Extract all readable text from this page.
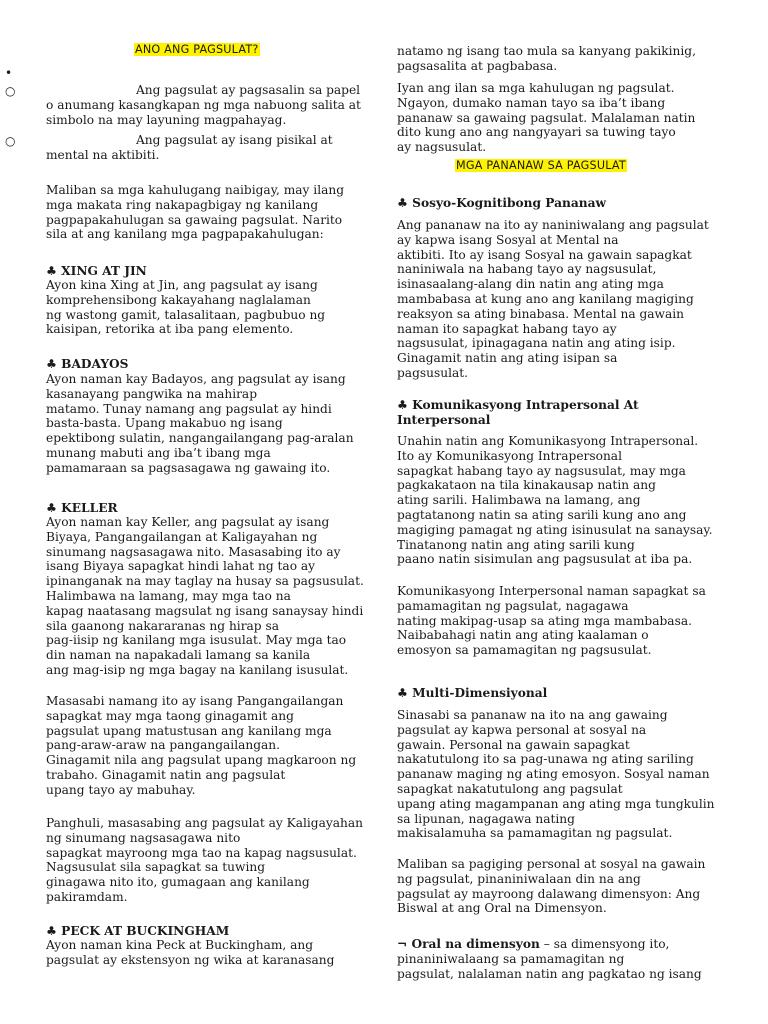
ANO ANG PAGSULAT?
•
○	Ang pagsulat ay pagsasalin sa papel
o anumang kasangkapan ng mga nabuong salita at
simbolo na may layuning magpahayag.

○	Ang pagsulat ay isang pisikal at
mental na aktibiti.

Maliban sa mga kahulugang naibigay, may ilang
mga makata ring nakapagbigay ng kanilang
pagpapakahulugan sa gawaing pagsulat. Narito
sila at ang kanilang mga pagpapakahulugan:

♣ XING AT JIN

Ayon kina Xing at Jin, ang pagsulat ay isang
komprehensibong kakayahang naglalaman
ng wastong gamit, talasalitaan, pagbubuo ng
kaisipan, retorika at iba pang elemento.

♣ BADAYOS

Ayon naman kay Badayos, ang pagsulat ay isang
kasanayang pangwika na mahirap
matamo. Tunay namang ang pagsulat ay hindi
basta-basta. Upang makabuo ng isang
epektibong sulatin, nangangailangang pag-aralan
munang mabuti ang iba’t ibang mga
pamamaraan sa pagsasagawa ng gawaing ito.

♣ KELLER

Ayon naman kay Keller, ang pagsulat ay isang
Biyaya, Pangangailangan at Kaligayahan ng
sinumang nagsasagawa nito. Masasabing ito ay
isang Biyaya sapagkat hindi lahat ng tao ay
ipinanganak na may taglay na husay sa pagsusulat.
Halimbawa na lamang, may mga tao na
kapag naatasang magsulat ng isang sanaysay hindi
sila gaanong nakararanas ng hirap sa
pag-iisip ng kanilang mga isusulat. May mga tao
din naman na napakadali lamang sa kanila
ang mag-isip ng mga bagay na kanilang isusulat.

Masasabi namang ito ay isang Pangangailangan
sapagkat may mga taong ginagamit ang
pagsulat upang matustusan ang kanilang mga
pang-araw-araw na pangangailangan.
Ginagamit nila ang pagsulat upang magkaroon ng
trabaho. Ginagamit natin ang pagsulat
upang tayo ay mabuhay.

Panghuli, masasabing ang pagsulat ay Kaligayahan
ng sinumang nagsasagawa nito
sapagkat mayroong mga tao na kapag nagsusulat.
Nagsusulat sila sapagkat sa tuwing
ginagawa nito ito, gumagaan ang kanilang
pakiramdam.

♣ PECK AT BUCKINGHAM

Ayon naman kina Peck at Buckingham, ang
pagsulat ay ekstensyon ng wika at karanasang

natamo ng isang tao mula sa kanyang pakikinig,
pagsasalita at pagbabasa.

Iyan ang ilan sa mga kahulugan ng pagsulat.
Ngayon, dumako naman tayo sa iba’t ibang
pananaw sa gawaing pagsulat. Malalaman natin
dito kung ano ang nangyayari sa tuwing tayo
ay nagsusulat.

MGA PANANAW SA PAGSULAT

♣ Sosyo-Kognitibong Pananaw

Ang pananaw na ito ay naniniwalang ang pagsulat
ay kapwa isang Sosyal at Mental na
aktibiti. Ito ay isang Sosyal na gawain sapagkat
naniniwala na habang tayo ay nagsusulat,
isinasaalang-alang din natin ang ating mga
mambabasa at kung ano ang kanilang magiging
reaksyon sa ating binabasa. Mental na gawain
naman ito sapagkat habang tayo ay
nagsusulat, ipinagagana natin ang ating isip.
Ginagamit natin ang ating isipan sa
pagsusulat.

♣ Komunikasyong Intrapersonal At
Interpersonal

Unahin natin ang Komunikasyong Intrapersonal.
Ito ay Komunikasyong Intrapersonal
sapagkat habang tayo ay nagsusulat, may mga
pagkakataon na tila kinakausap natin ang
ating sarili. Halimbawa na lamang, ang
pagtatanong natin sa ating sarili kung ano ang
magiging pamagat ng ating isinusulat na sanaysay.
Tinatanong natin ang ating sarili kung
paano natin sisimulan ang pagsusulat at iba pa.

Komunikasyong Interpersonal naman sapagkat sa
pamamagitan ng pagsulat, nagagawa
nating makipag-usap sa ating mga mambabasa.
Naibabahagi natin ang ating kaalaman o
emosyon sa pamamagitan ng pagsusulat.

♣ Multi-Dimensiyonal

Sinasabi sa pananaw na ito na ang gawaing
pagsulat ay kapwa personal at sosyal na
gawain. Personal na gawain sapagkat
nakatutulong ito sa pag-unawa ng ating sariling
pananaw maging ng ating emosyon. Sosyal naman
sapagkat nakatutulong ang pagsulat
upang ating magampanan ang ating mga tungkulin
sa lipunan, nagagawa nating
makisalamuha sa pamamagitan ng pagsulat.

Maliban sa pagiging personal at sosyal na gawain
ng pagsulat, pinaniniwalaan din na ang
pagsulat ay mayroong dalawang dimensyon: Ang
Biswal at ang Oral na Dimensyon.

¬ Oral na dimensyon – sa dimensyong ito,
pinaniniwalaang sa pamamagitan ng
pagsulat, nalalaman natin ang pagkatao ng isang
